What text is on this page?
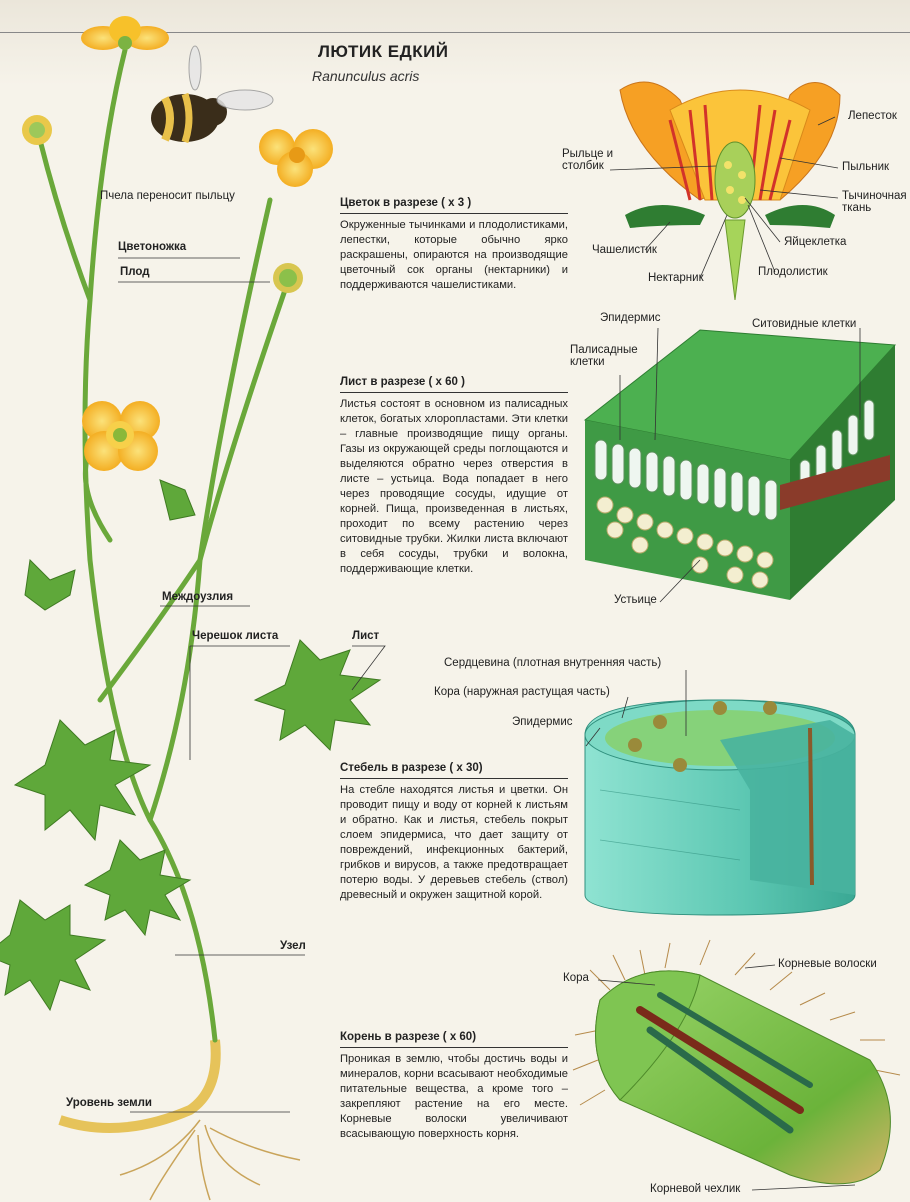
ЛЮТИК ЕДКИЙ
Ranunculus acris
Пчела переносит пыльцу
Цветоножка
Плод
Междоузлия
Черешок листа	Лист
Узел
Уровень земли
Цветок в разрезе ( x 3 )
Окруженные тычинками и плодолистиками, лепестки, которые обычно ярко раскрашены, опираются на производящие цветочный сок органы (нектарники) и поддерживаются чашелистиками.
Лепесток
Рыльце и столбик	Пыльник
Тычиночная ткань
Чашелистик
Яйцеклетка
Нектарник	Плодолистик
Лист в разрезе ( x 60 )
Листья состоят в основном из палисадных клеток, богатых хлоропластами. Эти клетки – главные производящие пищу органы. Газы из окружающей среды поглощаются и выделяются обратно через отверстия в листе – устьица. Вода попадает в него через проводящие сосуды, идущие от корней. Пища, произведенная в листьях, проходит по всему растению через ситовидные трубки. Жилки листа включают в себя сосуды, трубки и волокна, поддерживающие клетки.
Эпидермис	Ситовидные клетки
Палисадные клетки
Устьице
Стебель в разрезе ( x 30)
На стебле находятся листья и цветки. Он проводит пищу и воду от корней к листьям и обратно. Как и листья, стебель покрыт слоем эпидермиса, что дает защиту от повреждений, инфекционных бактерий, грибков и вирусов, а также предотвращает потерю воды. У деревьев стебель (ствол) древесный и окружен защитной корой.
Сердцевина (плотная внутренняя часть)
Кора (наружная растущая часть)
Эпидермис
Корень в разрезе ( x 60)
Проникая в землю, чтобы достичь воды и минералов, корни всасывают необходимые питательные вещества, а кроме того – закрепляют растение на его месте. Корневые волоски увеличивают всасывающую поверхность корня.
Кора
Корневые волоски
Корневой чехлик
